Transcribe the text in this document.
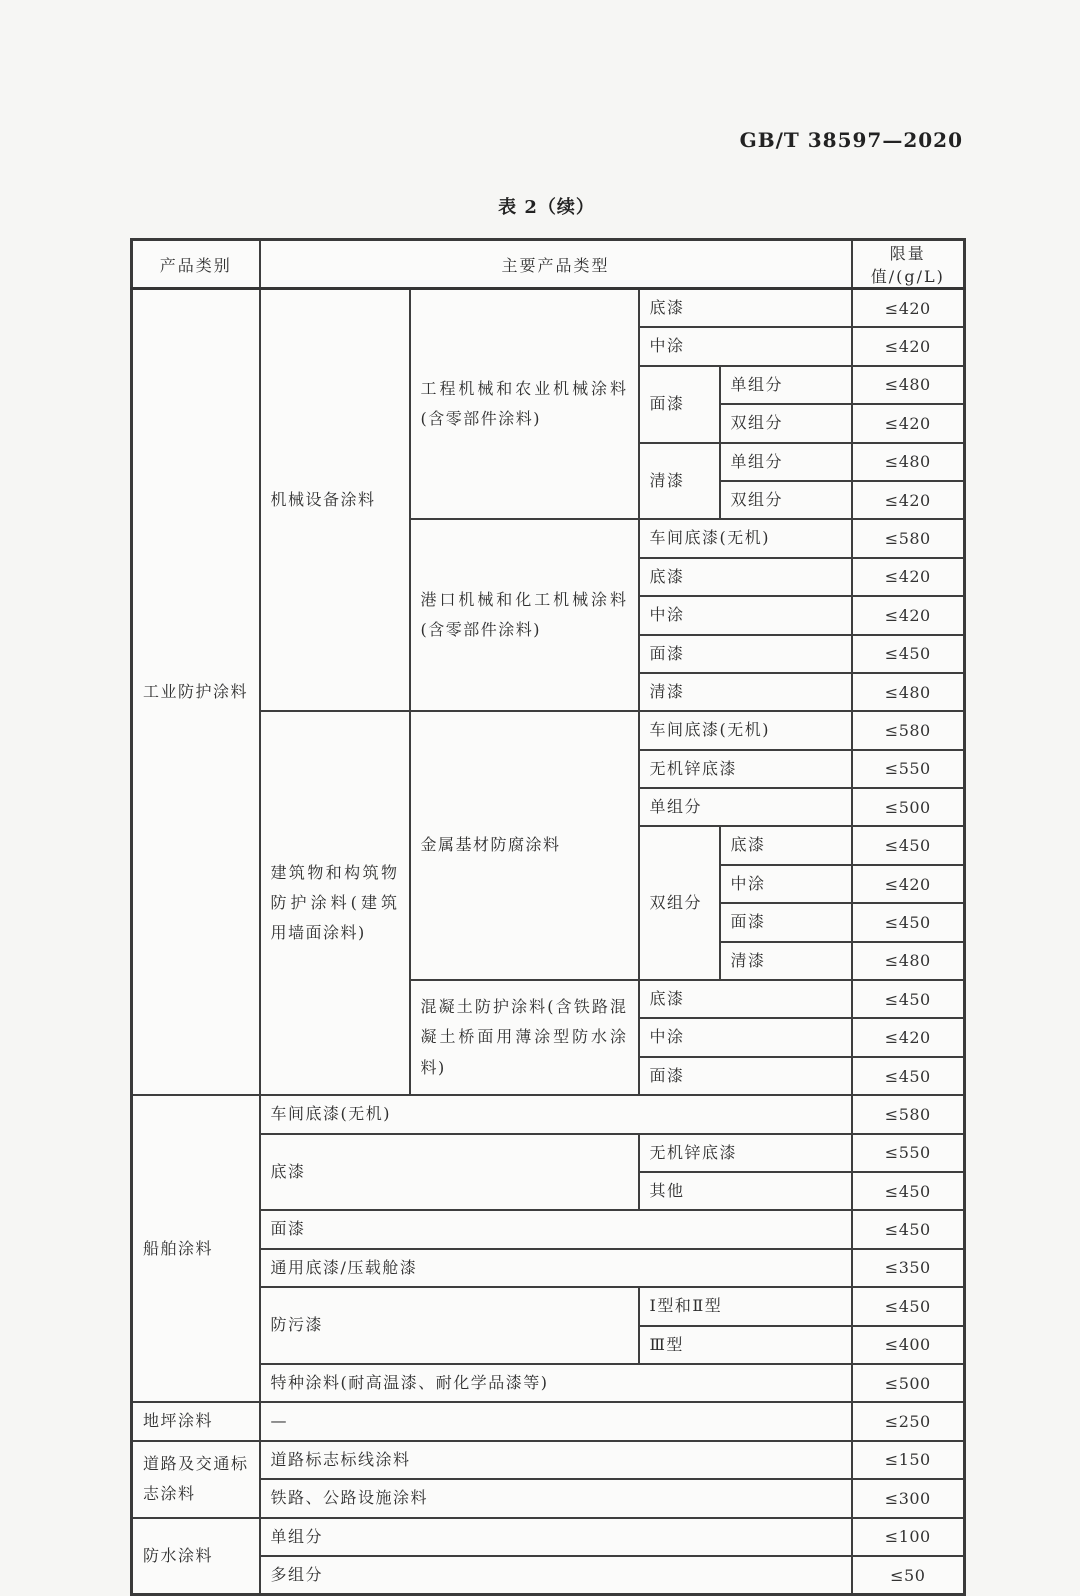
GB/T 38597—2020
表 2（续）
产品类别	主要产品类型				限量值/(g/L)
工业防护涂料	机械设备涂料	工程机械和农业机械涂料(含零部件涂料)	底漆		≤420
			中涂		≤420
			面漆	单组分	≤480
				双组分	≤420
			清漆	单组分	≤480
				双组分	≤420
		港口机械和化工机械涂料(含零部件涂料)	车间底漆(无机)		≤580
			底漆		≤420
			中涂		≤420
			面漆		≤450
			清漆		≤480
	建筑物和构筑物防护涂料(建筑用墙面涂料)	金属基材防腐涂料	车间底漆(无机)		≤580
			无机锌底漆		≤550
			单组分		≤500
			双组分	底漆	≤450
				中涂	≤420
				面漆	≤450
				清漆	≤480
		混凝土防护涂料(含铁路混凝土桥面用薄涂型防水涂料)	底漆		≤450
			中涂		≤420
			面漆		≤450
船舶涂料	车间底漆(无机)				≤580
	底漆		无机锌底漆		≤550
			其他		≤450
	面漆				≤450
	通用底漆/压载舱漆				≤350
	防污漆		Ⅰ型和Ⅱ型		≤450
			Ⅲ型		≤400
	特种涂料(耐高温漆、耐化学品漆等)				≤500
地坪涂料	—				≤250
道路及交通标志涂料	道路标志标线涂料				≤150
	铁路、公路设施涂料				≤300
防水涂料	单组分				≤100
	多组分				≤50
